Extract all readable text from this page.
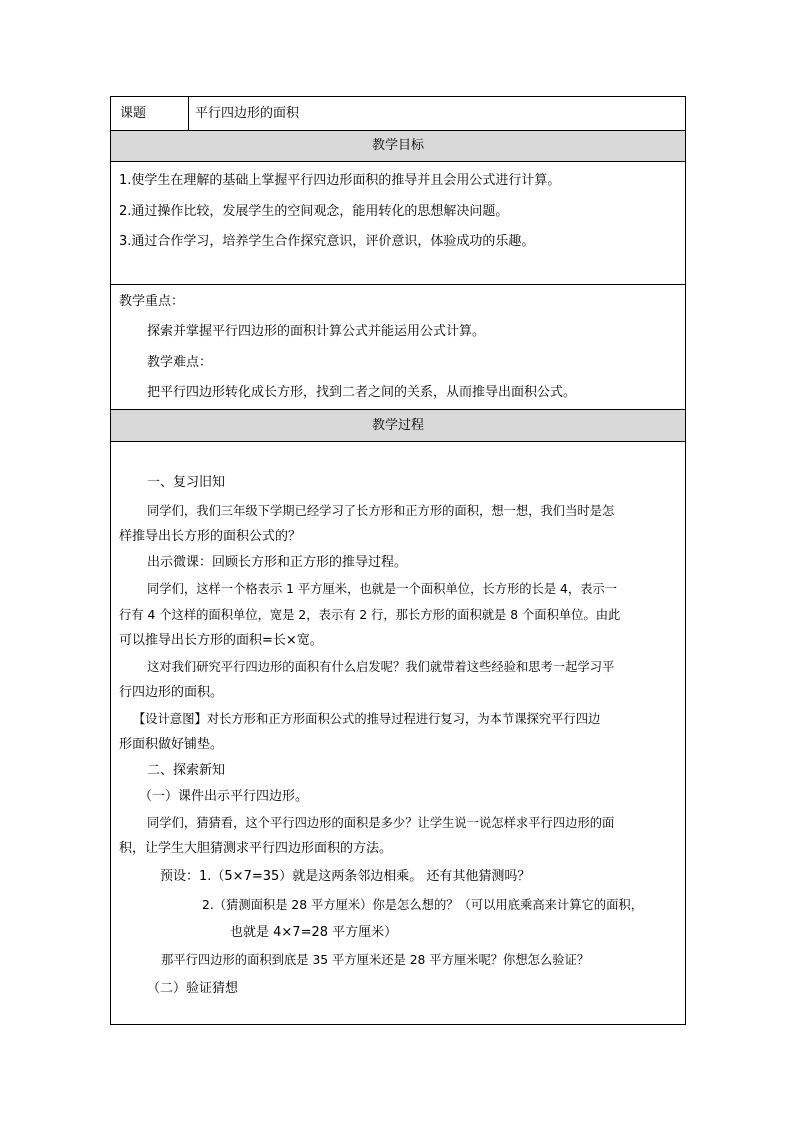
课题	平行四边形的面积
教学目标
1.使学生在理解的基础上掌握平行四边形面积的推导并且会用公式进行计算。
2.通过操作比较，发展学生的空间观念，能用转化的思想解决问题。
3.通过合作学习，培养学生合作探究意识，评价意识，体验成功的乐趣。
教学重点：
探索并掌握平行四边形的面积计算公式并能运用公式计算。
教学难点：
把平行四边形转化成长方形，找到二者之间的关系，从而推导出面积公式。
教学过程
一、复习旧知
同学们，我们三年级下学期已经学习了长方形和正方形的面积，想一想，我们当时是怎
样推导出长方形的面积公式的？
出示微课：回顾长方形和正方形的推导过程。
同学们，这样一个格表示 1 平方厘米，也就是一个面积单位，长方形的长是 4，表示一
行有 4 个这样的面积单位，宽是 2，表示有 2 行，那长方形的面积就是 8 个面积单位。由此
可以推导出长方形的面积=长×宽。
这对我们研究平行四边形的面积有什么启发呢？我们就带着这些经验和思考一起学习平
行四边形的面积。
【设计意图】对长方形和正方形面积公式的推导过程进行复习，为本节课探究平行四边
形面积做好铺垫。
二、探索新知
（一）课件出示平行四边形。
同学们，猜猜看，这个平行四边形的面积是多少？让学生说一说怎样求平行四边形的面
积，让学生大胆猜测求平行四边形面积的方法。
预设：1.（5×7=35）就是这两条邻边相乘。 还有其他猜测吗？
2.（猜测面积是 28 平方厘米）你是怎么想的？（可以用底乘高来计算它的面积，
也就是 4×7=28 平方厘米）
那平行四边形的面积到底是 35 平方厘米还是 28 平方厘米呢？你想怎么验证？
（二）验证猜想
